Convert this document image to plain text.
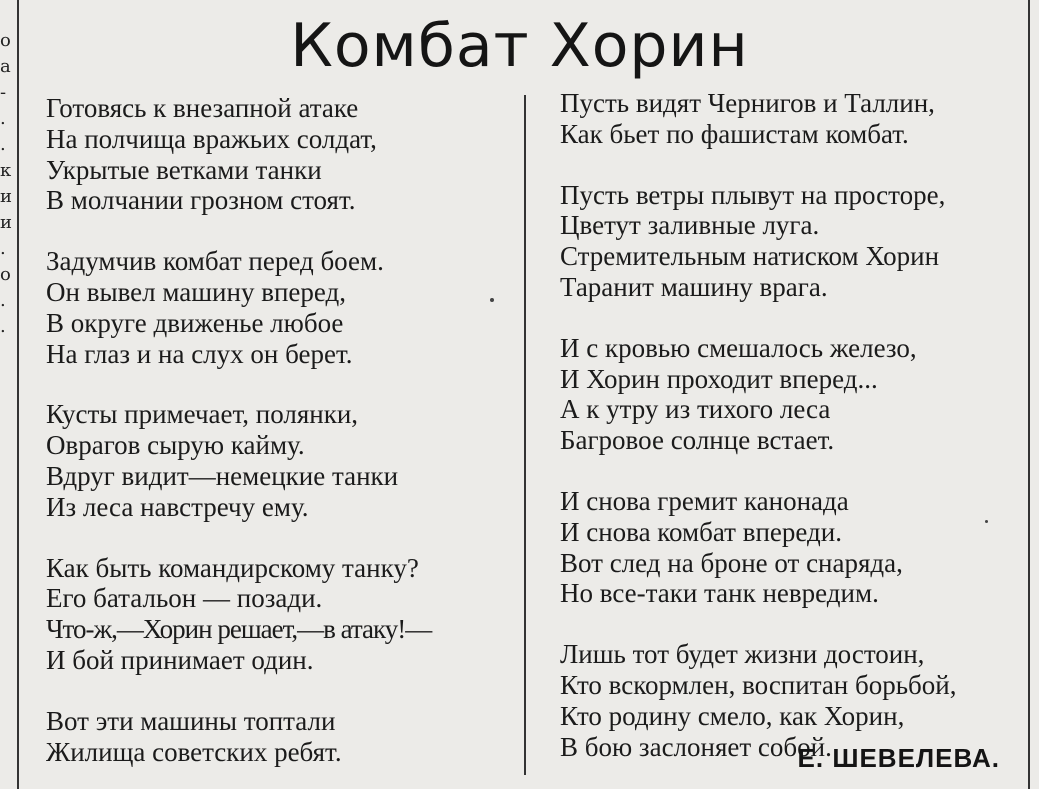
о
а
-
.
.
к
и
и
.
о
.
.
Комбат Хорин

Готовясь к внезапной атаке
На полчища вражьих солдат,
Укрытые ветками танки
В молчании грозном стоят.

Задумчив комбат перед боем.
Он вывел машину вперед,
В округе движенье любое
На глаз и на слух он берет.

Кусты примечает, полянки,
Оврагов сырую кайму.
Вдруг видит—немецкие танки
Из леса навстречу ему.

Как быть командирскому танку?
Его батальон — позади.
Что-ж,—Хорин решает,—в атаку!—
И бой принимает один.

Вот эти машины топтали
Жилища советских ребят.

Пусть видят Чернигов и Таллин,
Как бьет по фашистам комбат.

Пусть ветры плывут на просторе,
Цветут заливные луга.
Стремительным натиском Хорин
Таранит машину врага.

И с кровью смешалось железо,
И Хорин проходит вперед...
А к утру из тихого леса
Багровое солнце встает.

И снова гремит канонада
И снова комбат впереди.
Вот след на броне от снаряда,
Но все-таки танк невредим.

Лишь тот будет жизни достоин,
Кто вскормлен, воспитан борьбой,
Кто родину смело, как Хорин,
В бою заслоняет собой.

Е. ШЕВЕЛЕВА.
